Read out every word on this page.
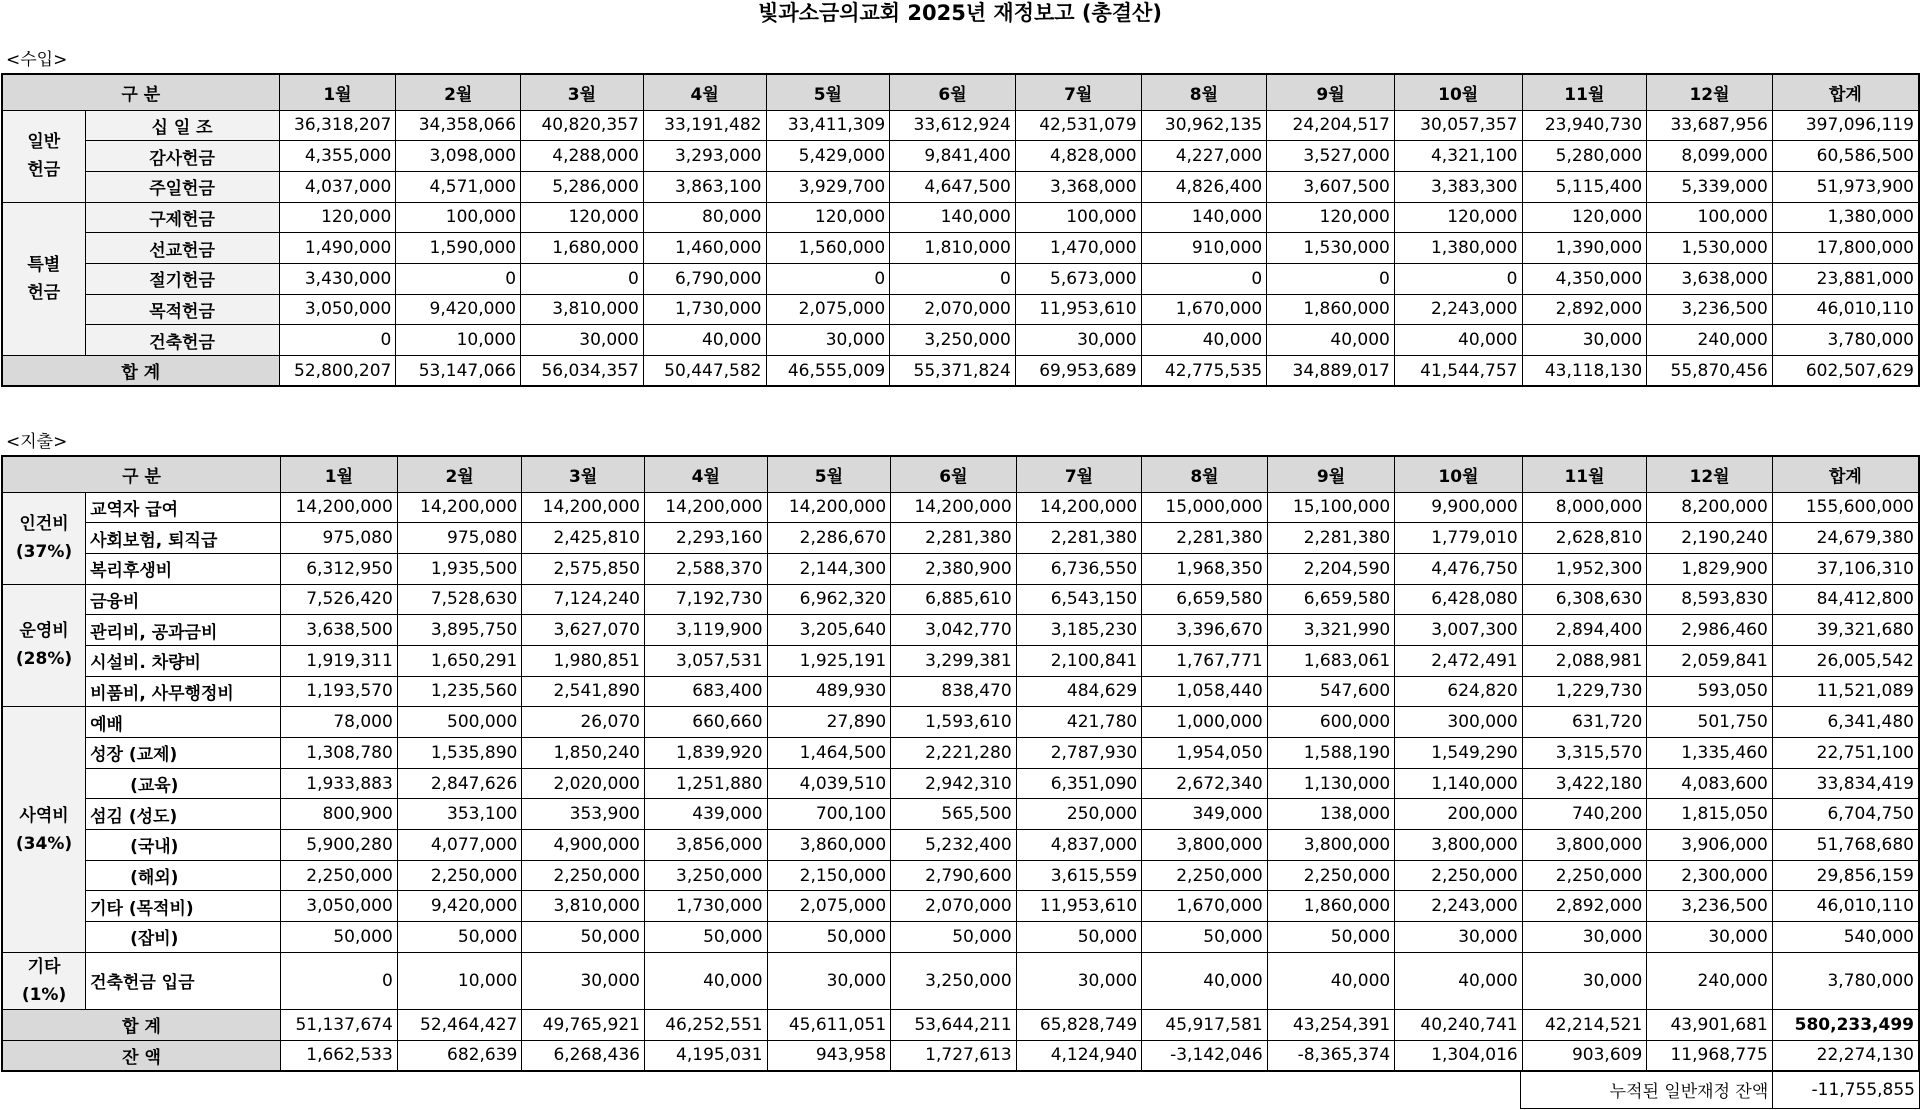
빛과소금의교회 2025년 재정보고 (총결산)
<수입>
구 분		1월	2월	3월	4월	5월	6월	7월	8월	9월	10월	11월	12월	합계
일반
헌금	십 일 조	36,318,207	34,358,066	40,820,357	33,191,482	33,411,309	33,612,924	42,531,079	30,962,135	24,204,517	30,057,357	23,940,730	33,687,956	397,096,119
	감사헌금	4,355,000	3,098,000	4,288,000	3,293,000	5,429,000	9,841,400	4,828,000	4,227,000	3,527,000	4,321,100	5,280,000	8,099,000	60,586,500
	주일헌금	4,037,000	4,571,000	5,286,000	3,863,100	3,929,700	4,647,500	3,368,000	4,826,400	3,607,500	3,383,300	5,115,400	5,339,000	51,973,900
특별
헌금	구제헌금	120,000	100,000	120,000	80,000	120,000	140,000	100,000	140,000	120,000	120,000	120,000	100,000	1,380,000
	선교헌금	1,490,000	1,590,000	1,680,000	1,460,000	1,560,000	1,810,000	1,470,000	910,000	1,530,000	1,380,000	1,390,000	1,530,000	17,800,000
	절기헌금	3,430,000	0	0	6,790,000	0	0	5,673,000	0	0	0	4,350,000	3,638,000	23,881,000
	목적헌금	3,050,000	9,420,000	3,810,000	1,730,000	2,075,000	2,070,000	11,953,610	1,670,000	1,860,000	2,243,000	2,892,000	3,236,500	46,010,110
	건축헌금	0	10,000	30,000	40,000	30,000	3,250,000	30,000	40,000	40,000	40,000	30,000	240,000	3,780,000
합 계		52,800,207	53,147,066	56,034,357	50,447,582	46,555,009	55,371,824	69,953,689	42,775,535	34,889,017	41,544,757	43,118,130	55,870,456	602,507,629
<지출>
구 분		1월	2월	3월	4월	5월	6월	7월	8월	9월	10월	11월	12월	합계
인건비
(37%)	교역자 급여	14,200,000	14,200,000	14,200,000	14,200,000	14,200,000	14,200,000	14,200,000	15,000,000	15,100,000	9,900,000	8,000,000	8,200,000	155,600,000
	사회보험, 퇴직급	975,080	975,080	2,425,810	2,293,160	2,286,670	2,281,380	2,281,380	2,281,380	2,281,380	1,779,010	2,628,810	2,190,240	24,679,380
	복리후생비	6,312,950	1,935,500	2,575,850	2,588,370	2,144,300	2,380,900	6,736,550	1,968,350	2,204,590	4,476,750	1,952,300	1,829,900	37,106,310
운영비
(28%)	금융비	7,526,420	7,528,630	7,124,240	7,192,730	6,962,320	6,885,610	6,543,150	6,659,580	6,659,580	6,428,080	6,308,630	8,593,830	84,412,800
	관리비, 공과금비	3,638,500	3,895,750	3,627,070	3,119,900	3,205,640	3,042,770	3,185,230	3,396,670	3,321,990	3,007,300	2,894,400	2,986,460	39,321,680
	시설비. 차량비	1,919,311	1,650,291	1,980,851	3,057,531	1,925,191	3,299,381	2,100,841	1,767,771	1,683,061	2,472,491	2,088,981	2,059,841	26,005,542
	비품비, 사무행정비	1,193,570	1,235,560	2,541,890	683,400	489,930	838,470	484,629	1,058,440	547,600	624,820	1,229,730	593,050	11,521,089
사역비
(34%)	예배	78,000	500,000	26,070	660,660	27,890	1,593,610	421,780	1,000,000	600,000	300,000	631,720	501,750	6,341,480
	성장 (교제)	1,308,780	1,535,890	1,850,240	1,839,920	1,464,500	2,221,280	2,787,930	1,954,050	1,588,190	1,549,290	3,315,570	1,335,460	22,751,100
	(교육)	1,933,883	2,847,626	2,020,000	1,251,880	4,039,510	2,942,310	6,351,090	2,672,340	1,130,000	1,140,000	3,422,180	4,083,600	33,834,419
	섬김 (성도)	800,900	353,100	353,900	439,000	700,100	565,500	250,000	349,000	138,000	200,000	740,200	1,815,050	6,704,750
	(국내)	5,900,280	4,077,000	4,900,000	3,856,000	3,860,000	5,232,400	4,837,000	3,800,000	3,800,000	3,800,000	3,800,000	3,906,000	51,768,680
	(해외)	2,250,000	2,250,000	2,250,000	3,250,000	2,150,000	2,790,600	3,615,559	2,250,000	2,250,000	2,250,000	2,250,000	2,300,000	29,856,159
	기타 (목적비)	3,050,000	9,420,000	3,810,000	1,730,000	2,075,000	2,070,000	11,953,610	1,670,000	1,860,000	2,243,000	2,892,000	3,236,500	46,010,110
	(잡비)	50,000	50,000	50,000	50,000	50,000	50,000	50,000	50,000	50,000	30,000	30,000	30,000	540,000
기타
(1%)	건축헌금 입금	0	10,000	30,000	40,000	30,000	3,250,000	30,000	40,000	40,000	40,000	30,000	240,000	3,780,000
합 계		51,137,674	52,464,427	49,765,921	46,252,551	45,611,051	53,644,211	65,828,749	45,917,581	43,254,391	40,240,741	42,214,521	43,901,681	580,233,499
잔 액		1,662,533	682,639	6,268,436	4,195,031	943,958	1,727,613	4,124,940	-3,142,046	-8,365,374	1,304,016	903,609	11,968,775	22,274,130
누적된 일반재정 잔액	-11,755,855
